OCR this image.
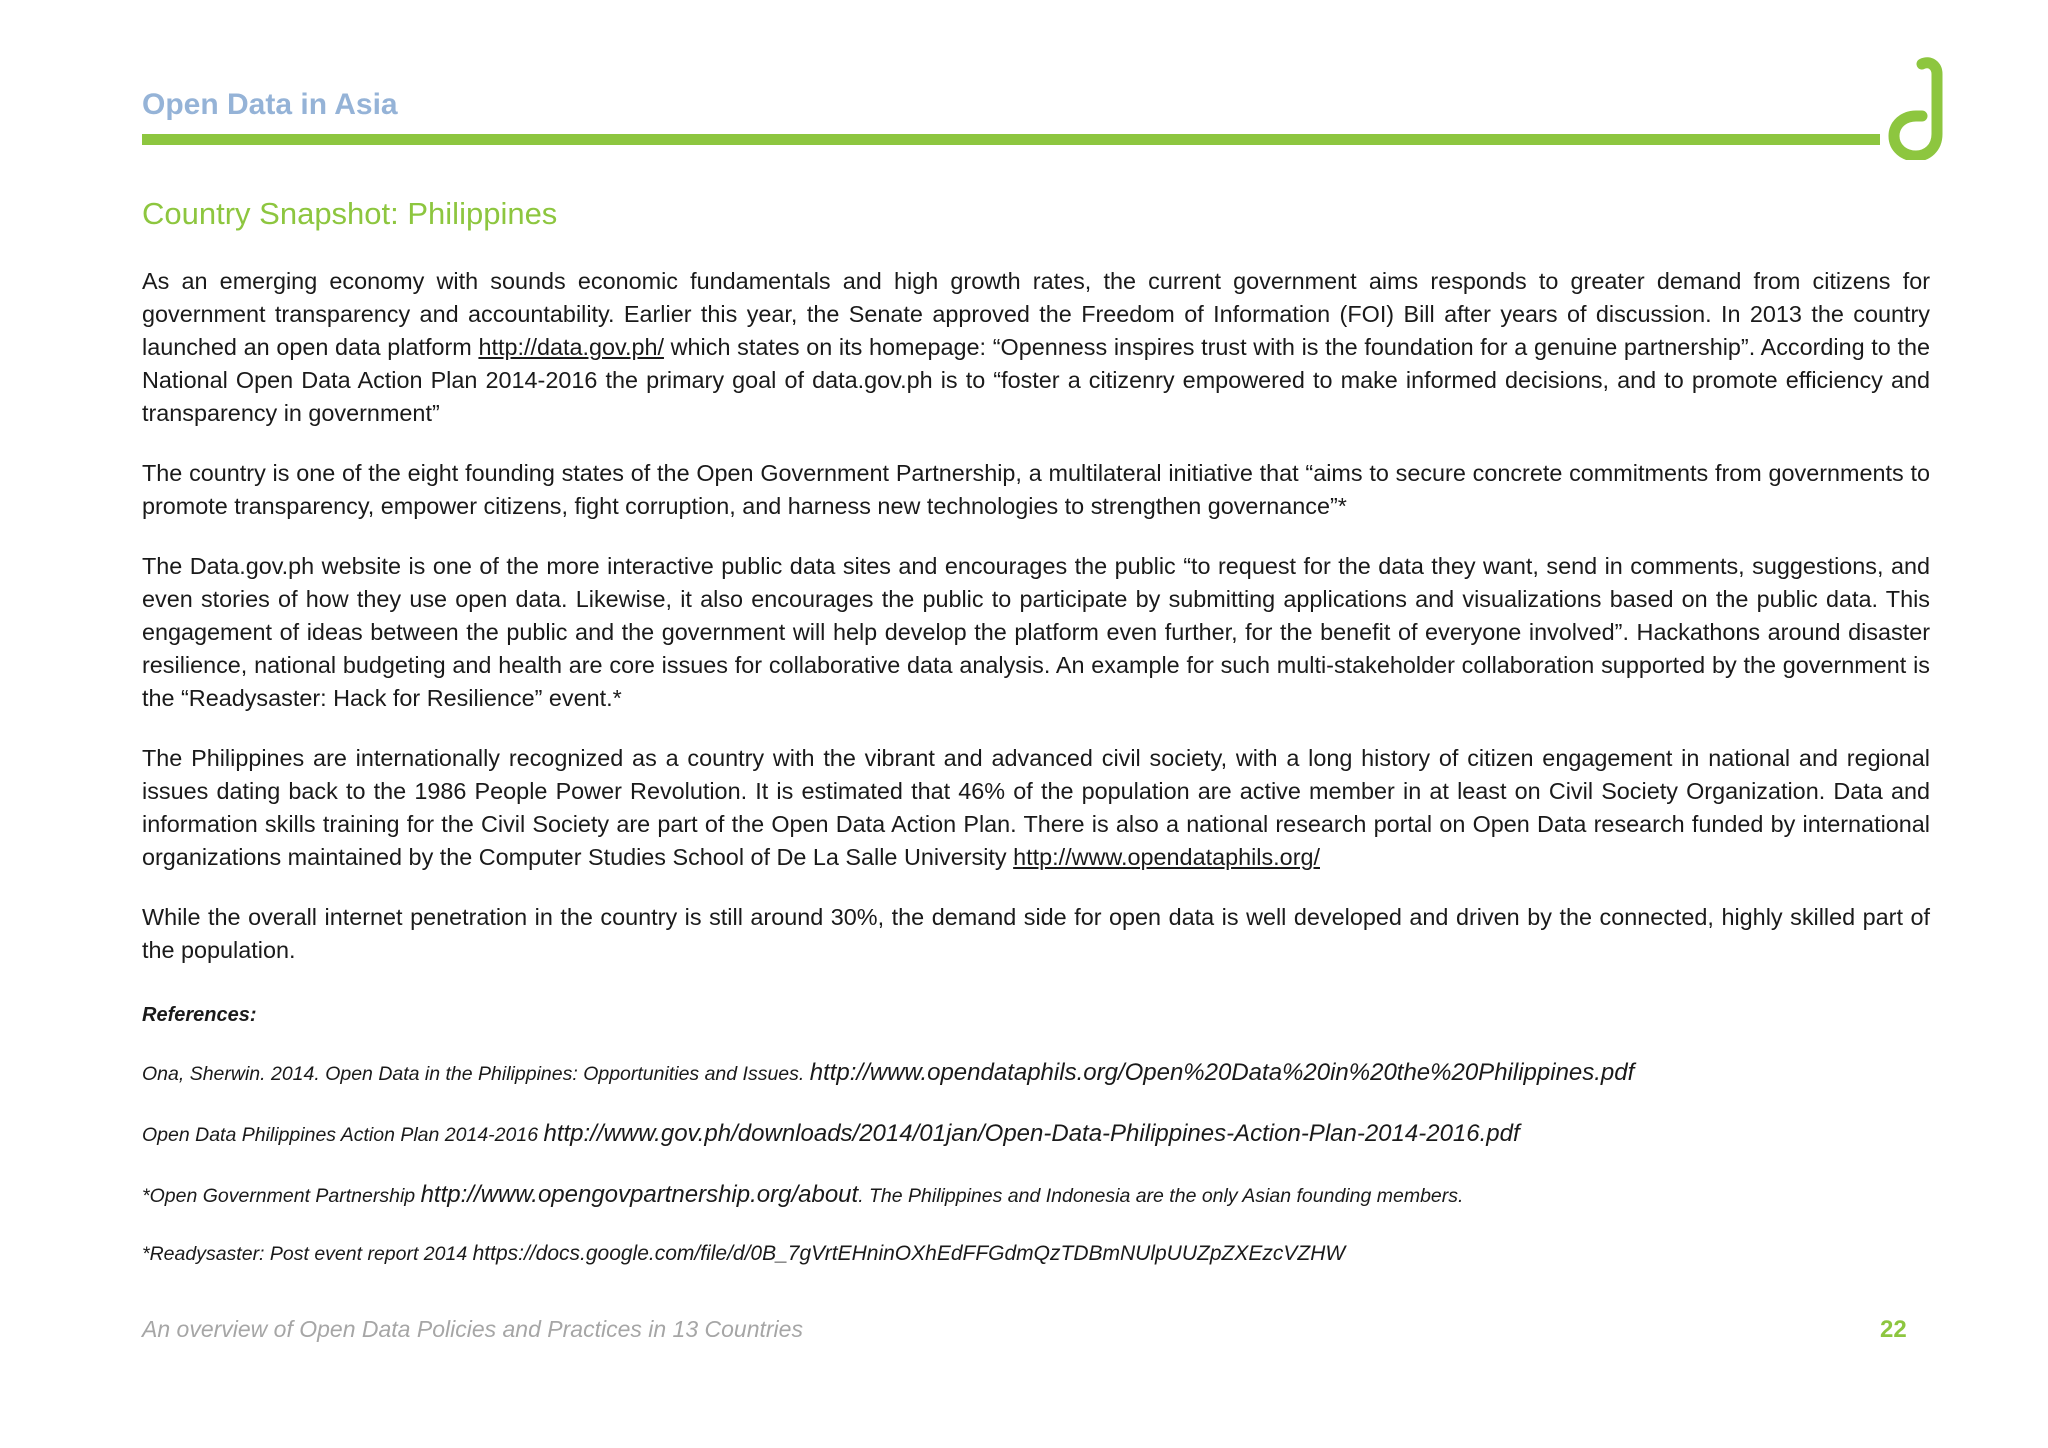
Open Data in Asia
Country Snapshot: Philippines

As an emerging economy with sounds economic fundamentals and high growth rates, the current government aims responds to greater demand from citizens for government transparency and accountability. Earlier this year, the Senate approved the Freedom of Information (FOI) Bill after years of discussion. In 2013 the country launched an open data platform http://data.gov.ph/ which states on its homepage: “Openness inspires trust with is the foundation for a genuine partnership”. According to the National Open Data Action Plan 2014-2016 the primary goal of data.gov.ph is to “foster a citizenry empowered to make informed decisions, and to promote efficiency and transparency in government”

The country is one of the eight founding states of the Open Government Partnership, a multilateral initiative that “aims to secure concrete commitments from governments to promote transparency, empower citizens, fight corruption, and harness new technologies to strengthen governance”*

The Data.gov.ph website is one of the more interactive public data sites and encourages the public “to request for the data they want, send in comments, suggestions, and even stories of how they use open data. Likewise, it also encourages the public to participate by submitting applications and visualizations based on the public data. This engagement of ideas between the public and the government will help develop the platform even further, for the benefit of everyone involved”. Hackathons around disaster resilience, national budgeting and health are core issues for collaborative data analysis. An example for such multi-stakeholder collaboration supported by the government is the “Readysaster: Hack for Resilience” event.*

The Philippines are internationally recognized as a country with the vibrant and advanced civil society, with a long history of citizen engagement in national and regional issues dating back to the 1986 People Power Revolution. It is estimated that 46% of the population are active member in at least on Civil Society Organization. Data and information skills training for the Civil Society are part of the Open Data Action Plan. There is also a national research portal on Open Data research funded by international organizations maintained by the Computer Studies School of De La Salle University http://www.opendataphils.org/

While the overall internet penetration in the country is still around 30%, the demand side for open data is well developed and driven by the connected, highly skilled part of the population.

References:
Ona, Sherwin. 2014. Open Data in the Philippines: Opportunities and Issues. http://www.opendataphils.org/Open%20Data%20in%20the%20Philippines.pdf
Open Data Philippines Action Plan 2014-2016 http://www.gov.ph/downloads/2014/01jan/Open-Data-Philippines-Action-Plan-2014-2016.pdf
*Open Government Partnership http://www.opengovpartnership.org/about. The Philippines and Indonesia are the only Asian founding members.
*Readysaster: Post event report 2014 https://docs.google.com/file/d/0B_7gVrtEHninOXhEdFFGdmQzTDBmNUlpUUZpZXEzcVZHW
An overview of Open Data Policies and Practices in 13 Countries	22
